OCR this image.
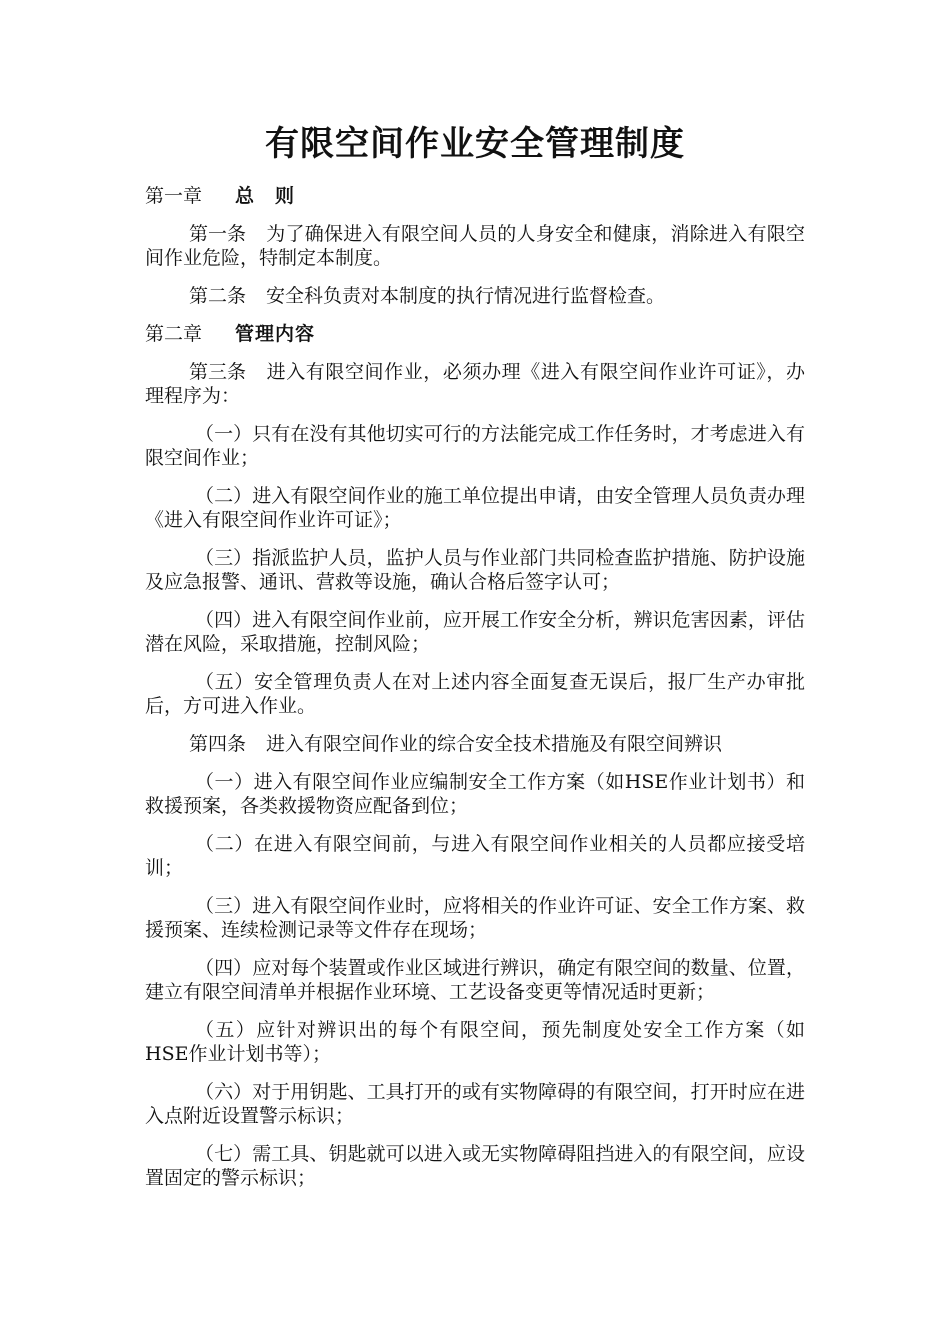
有限空间作业安全管理制度
第一章 总　则

第一条 为了确保进入有限空间人员的人身安全和健康，消除进入有限空间作业危险，特制定本制度。

第二条 安全科负责对本制度的执行情况进行监督检查。

第二章 管理内容

第三条 进入有限空间作业，必须办理《进入有限空间作业许可证》，办理程序为：

（一）只有在没有其他切实可行的方法能完成工作任务时，才考虑进入有限空间作业；

（二）进入有限空间作业的施工单位提出申请，由安全管理人员负责办理《进入有限空间作业许可证》；

（三）指派监护人员，监护人员与作业部门共同检查监护措施、防护设施及应急报警、通讯、营救等设施，确认合格后签字认可；

（四）进入有限空间作业前，应开展工作安全分析，辨识危害因素，评估潜在风险，采取措施，控制风险；

（五）安全管理负责人在对上述内容全面复查无误后，报厂生产办审批后，方可进入作业。

第四条 进入有限空间作业的综合安全技术措施及有限空间辨识

（一）进入有限空间作业应编制安全工作方案（如HSE作业计划书）和救援预案，各类救援物资应配备到位；

（二）在进入有限空间前，与进入有限空间作业相关的人员都应接受培训；

（三）进入有限空间作业时，应将相关的作业许可证、安全工作方案、救援预案、连续检测记录等文件存在现场；

（四）应对每个装置或作业区域进行辨识，确定有限空间的数量、位置，建立有限空间清单并根据作业环境、工艺设备变更等情况适时更新；

（五）应针对辨识出的每个有限空间，预先制度处安全工作方案（如HSE作业计划书等）；

（六）对于用钥匙、工具打开的或有实物障碍的有限空间，打开时应在进入点附近设置警示标识；

（七）需工具、钥匙就可以进入或无实物障碍阻挡进入的有限空间，应设置固定的警示标识；
